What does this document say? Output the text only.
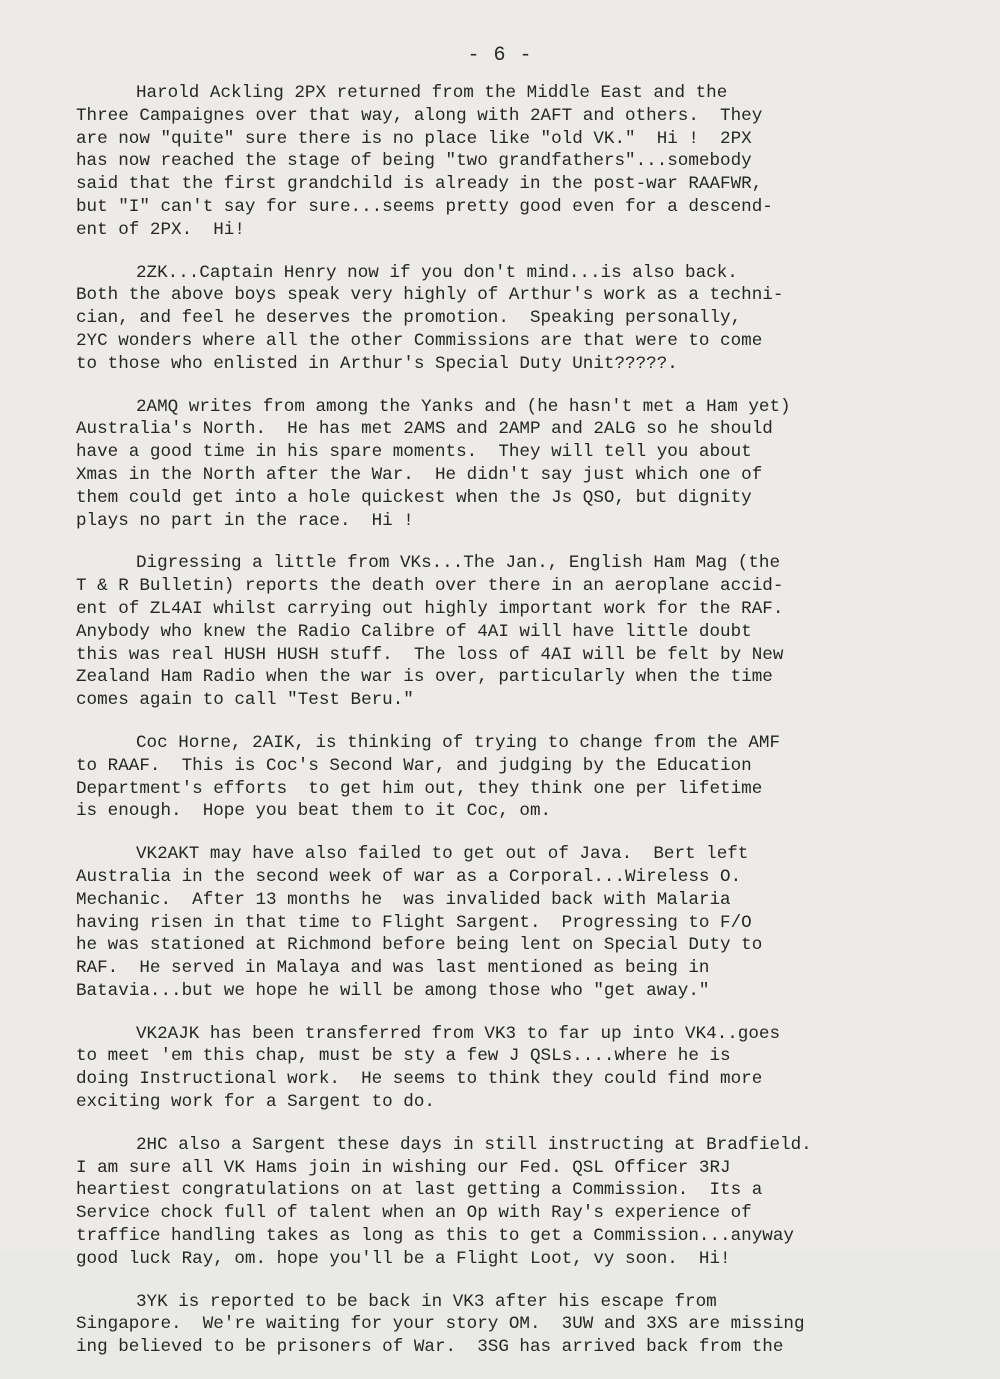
- 6 -
Harold Ackling 2PX returned from the Middle East and the
Three Campaignes over that way, along with 2AFT and others.  They
are now "quite" sure there is no place like "old VK."  Hi !  2PX
has now reached the stage of being "two grandfathers"...somebody
said that the first grandchild is already in the post-war RAAFWR,
but "I" can't say for sure...seems pretty good even for a descend-
ent of 2PX.  Hi!
2ZK...Captain Henry now if you don't mind...is also back.
Both the above boys speak very highly of Arthur's work as a techni-
cian, and feel he deserves the promotion.  Speaking personally,
2YC wonders where all the other Commissions are that were to come
to those who enlisted in Arthur's Special Duty Unit?????.
2AMQ writes from among the Yanks and (he hasn't met a Ham yet)
Australia's North.  He has met 2AMS and 2AMP and 2ALG so he should
have a good time in his spare moments.  They will tell you about
Xmas in the North after the War.  He didn't say just which one of
them could get into a hole quickest when the Js QSO, but dignity
plays no part in the race.  Hi !
Digressing a little from VKs...The Jan., English Ham Mag (the
T & R Bulletin) reports the death over there in an aeroplane accid-
ent of ZL4AI whilst carrying out highly important work for the RAF.
Anybody who knew the Radio Calibre of 4AI will have little doubt
this was real HUSH HUSH stuff.  The loss of 4AI will be felt by New
Zealand Ham Radio when the war is over, particularly when the time
comes again to call "Test Beru."
Coc Horne, 2AIK, is thinking of trying to change from the AMF
to RAAF.  This is Coc's Second War, and judging by the Education
Department's efforts  to get him out, they think one per lifetime
is enough.  Hope you beat them to it Coc, om.
VK2AKT may have also failed to get out of Java.  Bert left
Australia in the second week of war as a Corporal...Wireless O.
Mechanic.  After 13 months he  was invalided back with Malaria
having risen in that time to Flight Sargent.  Progressing to F/O
he was stationed at Richmond before being lent on Special Duty to
RAF.  He served in Malaya and was last mentioned as being in
Batavia...but we hope he will be among those who "get away."
VK2AJK has been transferred from VK3 to far up into VK4..goes
to meet 'em this chap, must be sty a few J QSLs....where he is
doing Instructional work.  He seems to think they could find more
exciting work for a Sargent to do.
2HC also a Sargent these days in still instructing at Bradfield.
I am sure all VK Hams join in wishing our Fed. QSL Officer 3RJ
heartiest congratulations on at last getting a Commission.  Its a
Service chock full of talent when an Op with Ray's experience of
traffice handling takes as long as this to get a Commission...anyway
good luck Ray, om. hope you'll be a Flight Loot, vy soon.  Hi!
3YK is reported to be back in VK3 after his escape from
Singapore.  We're waiting for your story OM.  3UW and 3XS are missing
ing believed to be prisoners of War.  3SG has arrived back from the
